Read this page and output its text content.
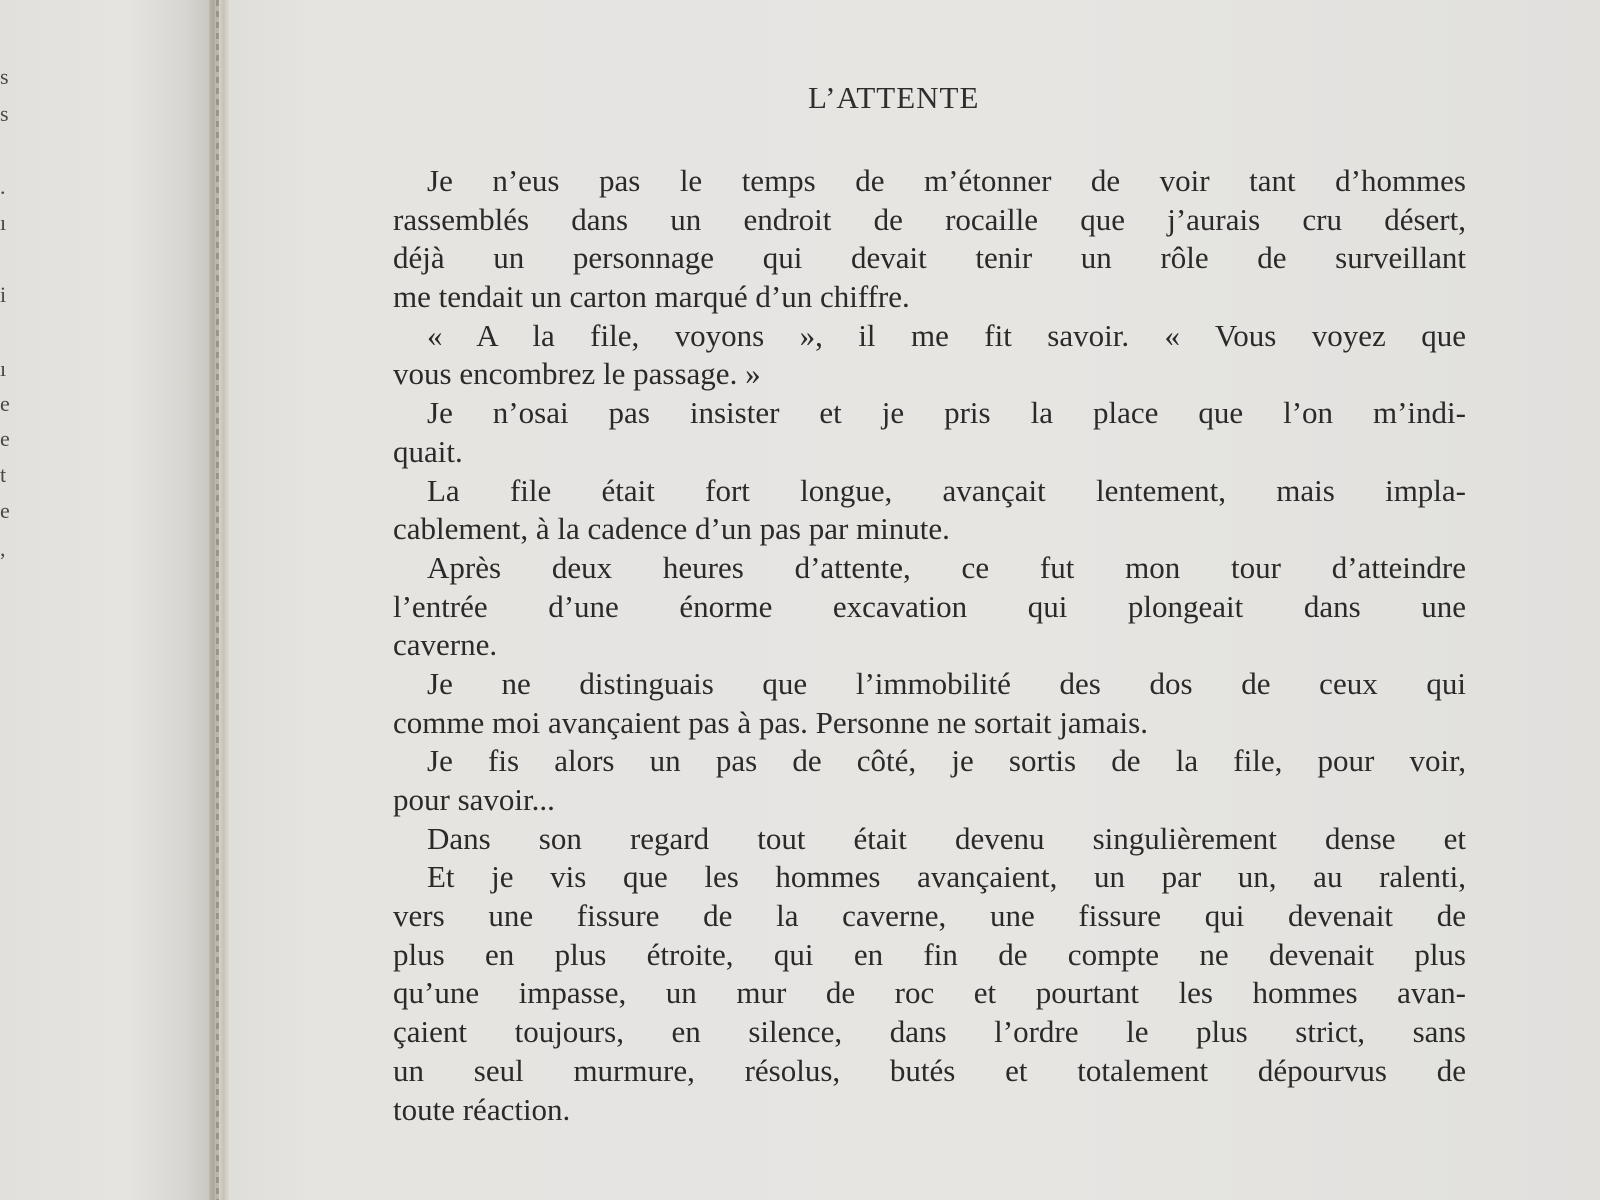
s
s
.
ı
i
ı
e
e
t
e
,
L’ATTENTE
Je n’eus pas le temps de m’étonner de voir tant d’hommes
rassemblés dans un endroit de rocaille que j’aurais cru désert,
déjà un personnage qui devait tenir un rôle de surveillant
me tendait un carton marqué d’un chiffre.
« A la file, voyons », il me fit savoir. « Vous voyez que
vous encombrez le passage. »
Je n’osai pas insister et je pris la place que l’on m’indi-
quait.
La file était fort longue, avançait lentement, mais impla-
cablement, à la cadence d’un pas par minute.
Après deux heures d’attente, ce fut mon tour d’atteindre
l’entrée d’une énorme excavation qui plongeait dans une
caverne.
Je ne distinguais que l’immobilité des dos de ceux qui
comme moi avançaient pas à pas. Personne ne sortait jamais.
Je fis alors un pas de côté, je sortis de la file, pour voir,
pour savoir...
Dans son regard tout était devenu singulièrement dense et
Et je vis que les hommes avançaient, un par un, au ralenti,
vers une fissure de la caverne, une fissure qui devenait de
plus en plus étroite, qui en fin de compte ne devenait plus
qu’une impasse, un mur de roc et pourtant les hommes avan-
çaient toujours, en silence, dans l’ordre le plus strict, sans
un seul murmure, résolus, butés et totalement dépourvus de
toute réaction.
